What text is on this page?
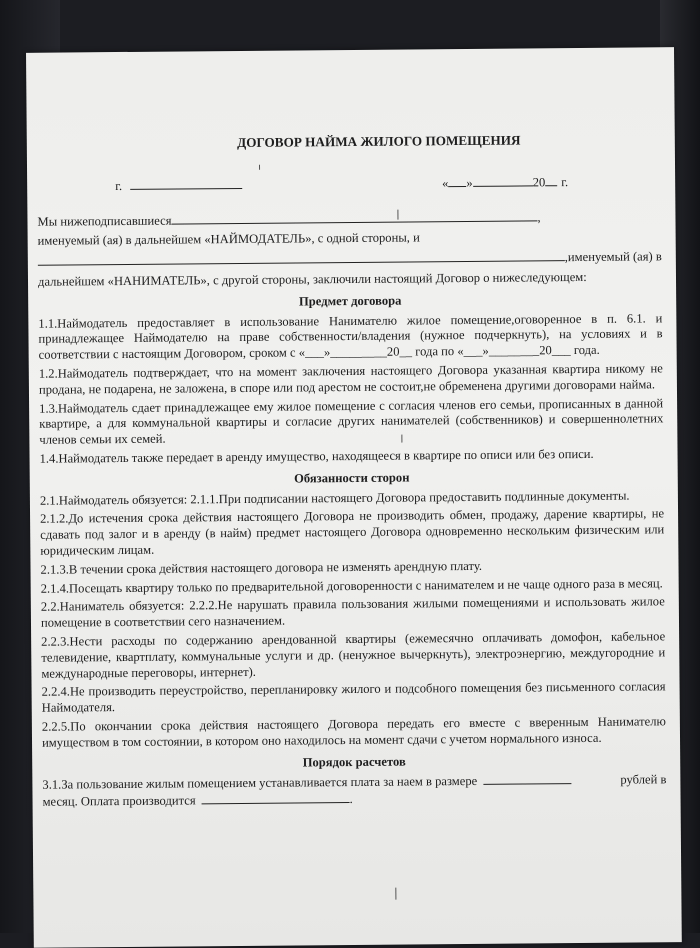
ДОГОВОР НАЙМА ЖИЛОГО ПОМЕЩЕНИЯ
г.	« »	20 г.
Мы нижеподписавшиеся	,
именуемый (ая) в дальнейшем «НАЙМОДАТЕЛЬ», с одной стороны, и
,именуемый (ая) в
дальнейшем «НАНИМАТЕЛЬ», с другой стороны, заключили настоящий Договор о нижеследующем:
Предмет договора

1.1.Наймодатель предоставляет в использование Нанимателю жилое помещение,оговоренное в п. 6.1. и принадлежащее Наймодателю на праве собственности/владения (нужное подчеркнуть), на условиях и в соответствии с настоящим Договором, сроком с «___»_________20__ года по «___»________20___ года.

1.2.Наймодатель подтверждает, что на момент заключения настоящего Договора указанная квартира никому не продана, не подарена, не заложена, в споре или под арестом не состоит,не обременена другими договорами найма.

1.3.Наймодатель сдает принадлежащее ему жилое помещение с согласия членов его семьи, прописанных в данной квартире, а для коммунальной квартиры и согласие других нанимателей (собственников) и совершеннолетних членов семьи их семей.

1.4.Наймодатель также передает в аренду имущество, находящееся в квартире по описи или без описи.

Обязанности сторон

2.1.Наймодатель обязуется: 2.1.1.При подписании настоящего Договора предоставить подлинные документы.

2.1.2.До истечения срока действия настоящего Договора не производить обмен, продажу, дарение квартиры, не сдавать под залог и в аренду (в найм) предмет настоящего Договора одновременно нескольким физическим или юридическим лицам.

2.1.3.В течении срока действия настоящего договора не изменять арендную плату.

2.1.4.Посещать квартиру только по предварительной договоренности с нанимателем и не чаще одного раза в месяц.

2.2.Наниматель обязуется: 2.2.2.Не нарушать правила пользования жилыми помещениями и использовать жилое помещение в соответствии сего назначением.

2.2.3.Нести расходы по содержанию арендованной квартиры (ежемесячно оплачивать домофон, кабельное телевидение, квартплату, коммунальные услуги и др. (ненужное вычеркнуть), электроэнергию, междугородние и международные переговоры, интернет).

2.2.4.Не производить переустройство, перепланировку жилого и подсобного помещения без письменного согласия Наймодателя.

2.2.5.По окончании срока действия настоящего Договора передать его вместе с вверенным Нанимателю имуществом в том состоянии, в котором оно находилось на момент сдачи с учетом нормального износа.

Порядок расчетов
3.1.За пользование жилым помещением устанавливается плата за наем в размере	рублей в
месяц. Оплата производится	.
